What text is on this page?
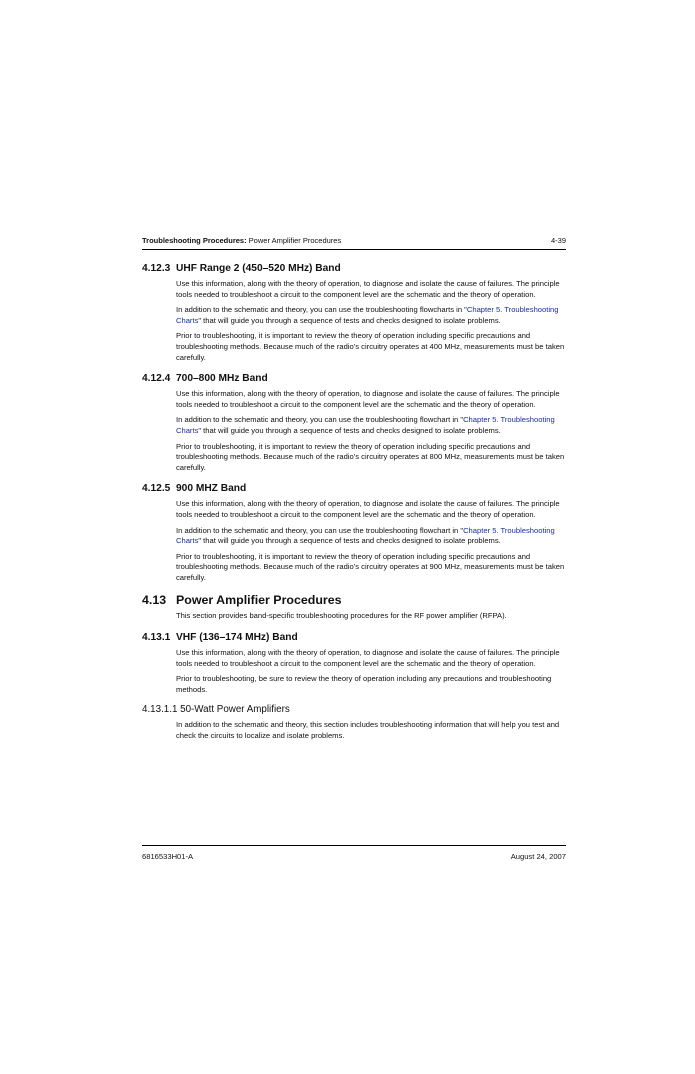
Troubleshooting Procedures: Power Amplifier Procedures	4-39
4.12.3 UHF Range 2 (450–520 MHz) Band

Use this information, along with the theory of operation, to diagnose and isolate the cause of failures. The principle tools needed to troubleshoot a circuit to the component level are the schematic and the theory of operation.

In addition to the schematic and theory, you can use the troubleshooting flowcharts in "Chapter 5. Troubleshooting Charts" that will guide you through a sequence of tests and checks designed to isolate problems.

Prior to troubleshooting, it is important to review the theory of operation including specific precautions and troubleshooting methods. Because much of the radio’s circuitry operates at 400 MHz, measurements must be taken carefully.

4.12.4 700–800 MHz Band

Use this information, along with the theory of operation, to diagnose and isolate the cause of failures. The principle tools needed to troubleshoot a circuit to the component level are the schematic and the theory of operation.

In addition to the schematic and theory, you can use the troubleshooting flowchart in "Chapter 5. Troubleshooting Charts" that will guide you through a sequence of tests and checks designed to isolate problems.

Prior to troubleshooting, it is important to review the theory of operation including specific precautions and troubleshooting methods. Because much of the radio’s circuitry operates at 800 MHz, measurements must be taken carefully.

4.12.5 900 MHZ Band

Use this information, along with the theory of operation, to diagnose and isolate the cause of failures. The principle tools needed to troubleshoot a circuit to the component level are the schematic and the theory of operation.

In addition to the schematic and theory, you can use the troubleshooting flowchart in "Chapter 5. Troubleshooting Charts" that will guide you through a sequence of tests and checks designed to isolate problems.

Prior to troubleshooting, it is important to review the theory of operation including specific precautions and troubleshooting methods. Because much of the radio’s circuitry operates at 900 MHz, measurements must be taken carefully.

4.13 Power Amplifier Procedures

This section provides band-specific troubleshooting procedures for the RF power amplifier (RFPA).

4.13.1 VHF (136–174 MHz) Band

Use this information, along with the theory of operation, to diagnose and isolate the cause of failures. The principle tools needed to troubleshoot a circuit to the component level are the schematic and the theory of operation.

Prior to troubleshooting, be sure to review the theory of operation including any precautions and troubleshooting methods.

4.13.1.1 50-Watt Power Amplifiers

In addition to the schematic and theory, this section includes troubleshooting information that will help you test and check the circuits to localize and isolate problems.

6816533H01-A	August 24, 2007
